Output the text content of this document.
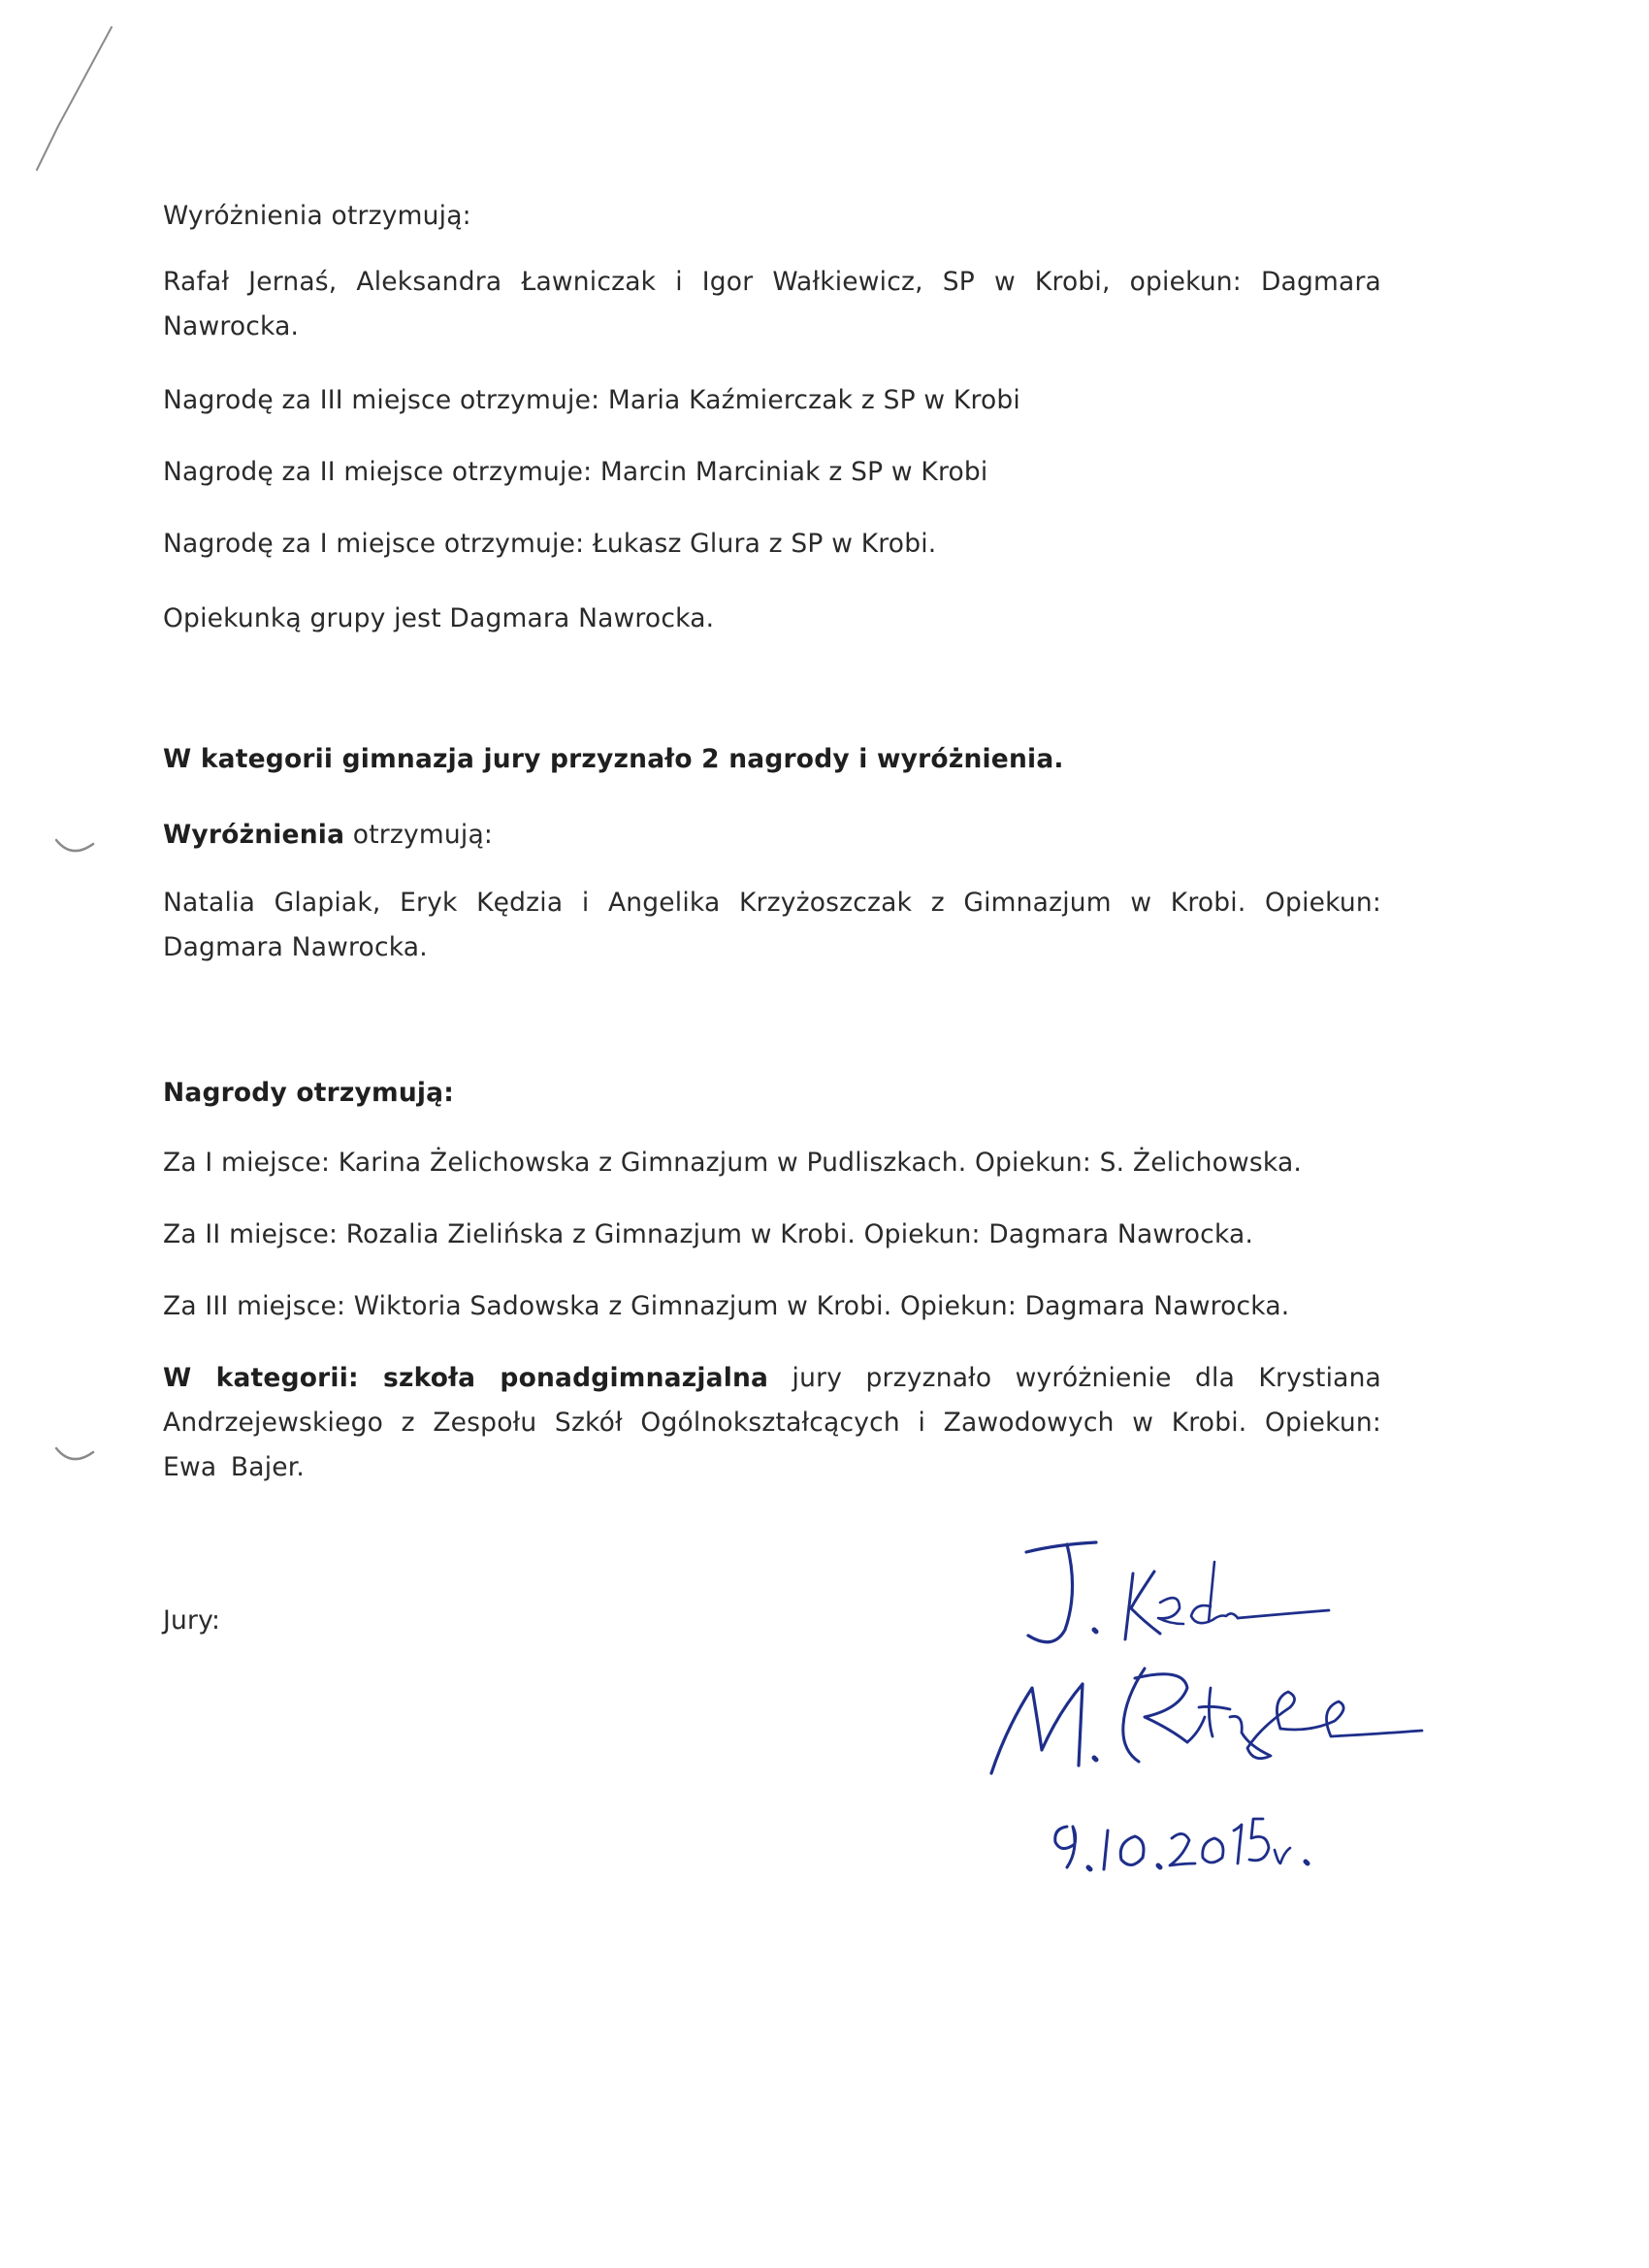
Wyróżnienia otrzymują:

Rafał Jernaś, Aleksandra Ławniczak i Igor Wałkiewicz, SP w Krobi, opiekun: Dagmara Nawrocka.

Nagrodę za III miejsce otrzymuje: Maria Kaźmierczak z SP w Krobi

Nagrodę za II miejsce otrzymuje: Marcin Marciniak z SP w Krobi

Nagrodę za I miejsce otrzymuje: Łukasz Glura z SP w Krobi.

Opiekunką grupy jest Dagmara Nawrocka.

W kategorii gimnazja jury przyznało 2 nagrody i wyróżnienia.

Wyróżnienia otrzymują:

Natalia Glapiak, Eryk Kędzia i Angelika Krzyżoszczak z Gimnazjum w Krobi. Opiekun: Dagmara Nawrocka.

Nagrody otrzymują:

Za I miejsce: Karina Żelichowska z Gimnazjum w Pudliszkach. Opiekun: S. Żelichowska.

Za II miejsce: Rozalia Zielińska z Gimnazjum w Krobi. Opiekun: Dagmara Nawrocka.

Za III miejsce: Wiktoria Sadowska z Gimnazjum w Krobi. Opiekun: Dagmara Nawrocka.

W kategorii: szkoła ponadgimnazjalna jury przyznało wyróżnienie dla Krystiana Andrzejewskiego z Zespołu Szkół Ogólnokształcących i Zawodowych w Krobi. Opiekun: Ewa Bajer.

Jury:
